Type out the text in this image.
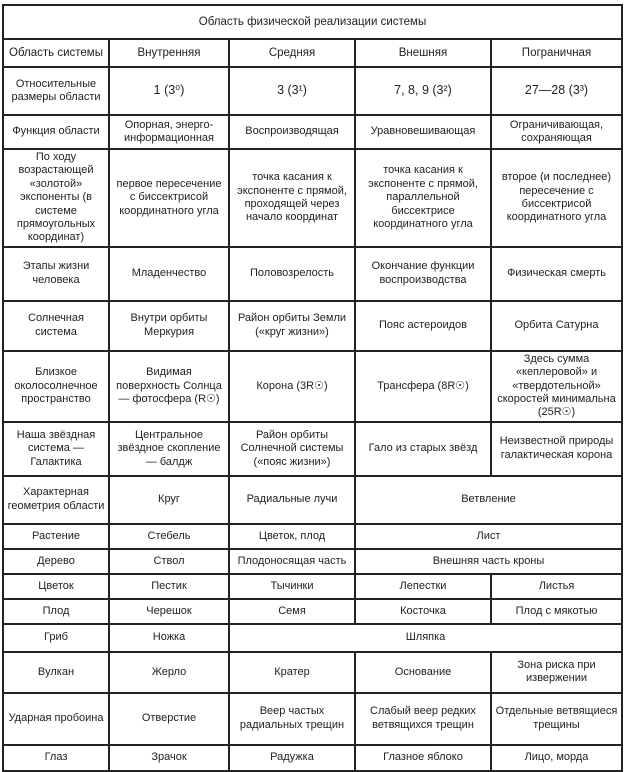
Область физической реализации системы				
Область системы	Внутренняя	Средняя	Внешняя	Пограничная
Относительные размеры области	1 (3⁰)	3 (3¹)	7, 8, 9 (3²)	27—28 (3³)
Функция области	Опорная, энерго-информационная	Воспроизводящая	Уравновешивающая	Ограничивающая, сохраняющая
По ходу возрастающей «золотой» экспоненты (в системе прямоугольных координат)	первое пересечение с биссектрисой координатного угла	точка касания к экспоненте с прямой, проходящей через начало координат	точка касания к экспоненте с прямой, параллельной биссектрисе координатного угла	второе (и последнее) пересечение с биссектрисой координатного угла
Этапы жизни человека	Младенчество	Половозрелость	Окончание функции воспроизводства	Физическая смерть
Солнечная система	Внутри орбиты Меркурия	Район орбиты Земли («круг жизни»)	Пояс астероидов	Орбита Сатурна
Близкое околосолнечное пространство	Видимая поверхность Солнца — фотосфера (R☉)	Корона (3R☉)	Трансфера (8R☉)	Здесь сумма «кеплеровой» и «твердотельной» скоростей минимальна (25R☉)
Наша звёздная система — Галактика	Центральное звёздное скопление — балдж	Район орбиты Солнечной системы («пояс жизни»)	Гало из старых звёзд	Неизвестной природы галактическая корона
Характерная геометрия области	Круг	Радиальные лучи	Ветвление	
Растение	Стебель	Цветок, плод	Лист	
Дерево	Ствол	Плодоносящая часть	Внешняя часть кроны	
Цветок	Пестик	Тычинки	Лепестки	Листья
Плод	Черешок	Семя	Косточка	Плод с мякотью
Гриб	Ножка	Шляпка		
Вулкан	Жерло	Кратер	Основание	Зона риска при извержении
Ударная пробоина	Отверстие	Веер частых радиальных трещин	Слабый веер редких ветвящихся трещин	Отдельные ветвящиеся трещины
Глаз	Зрачок	Радужка	Глазное яблоко	Лицо, морда
